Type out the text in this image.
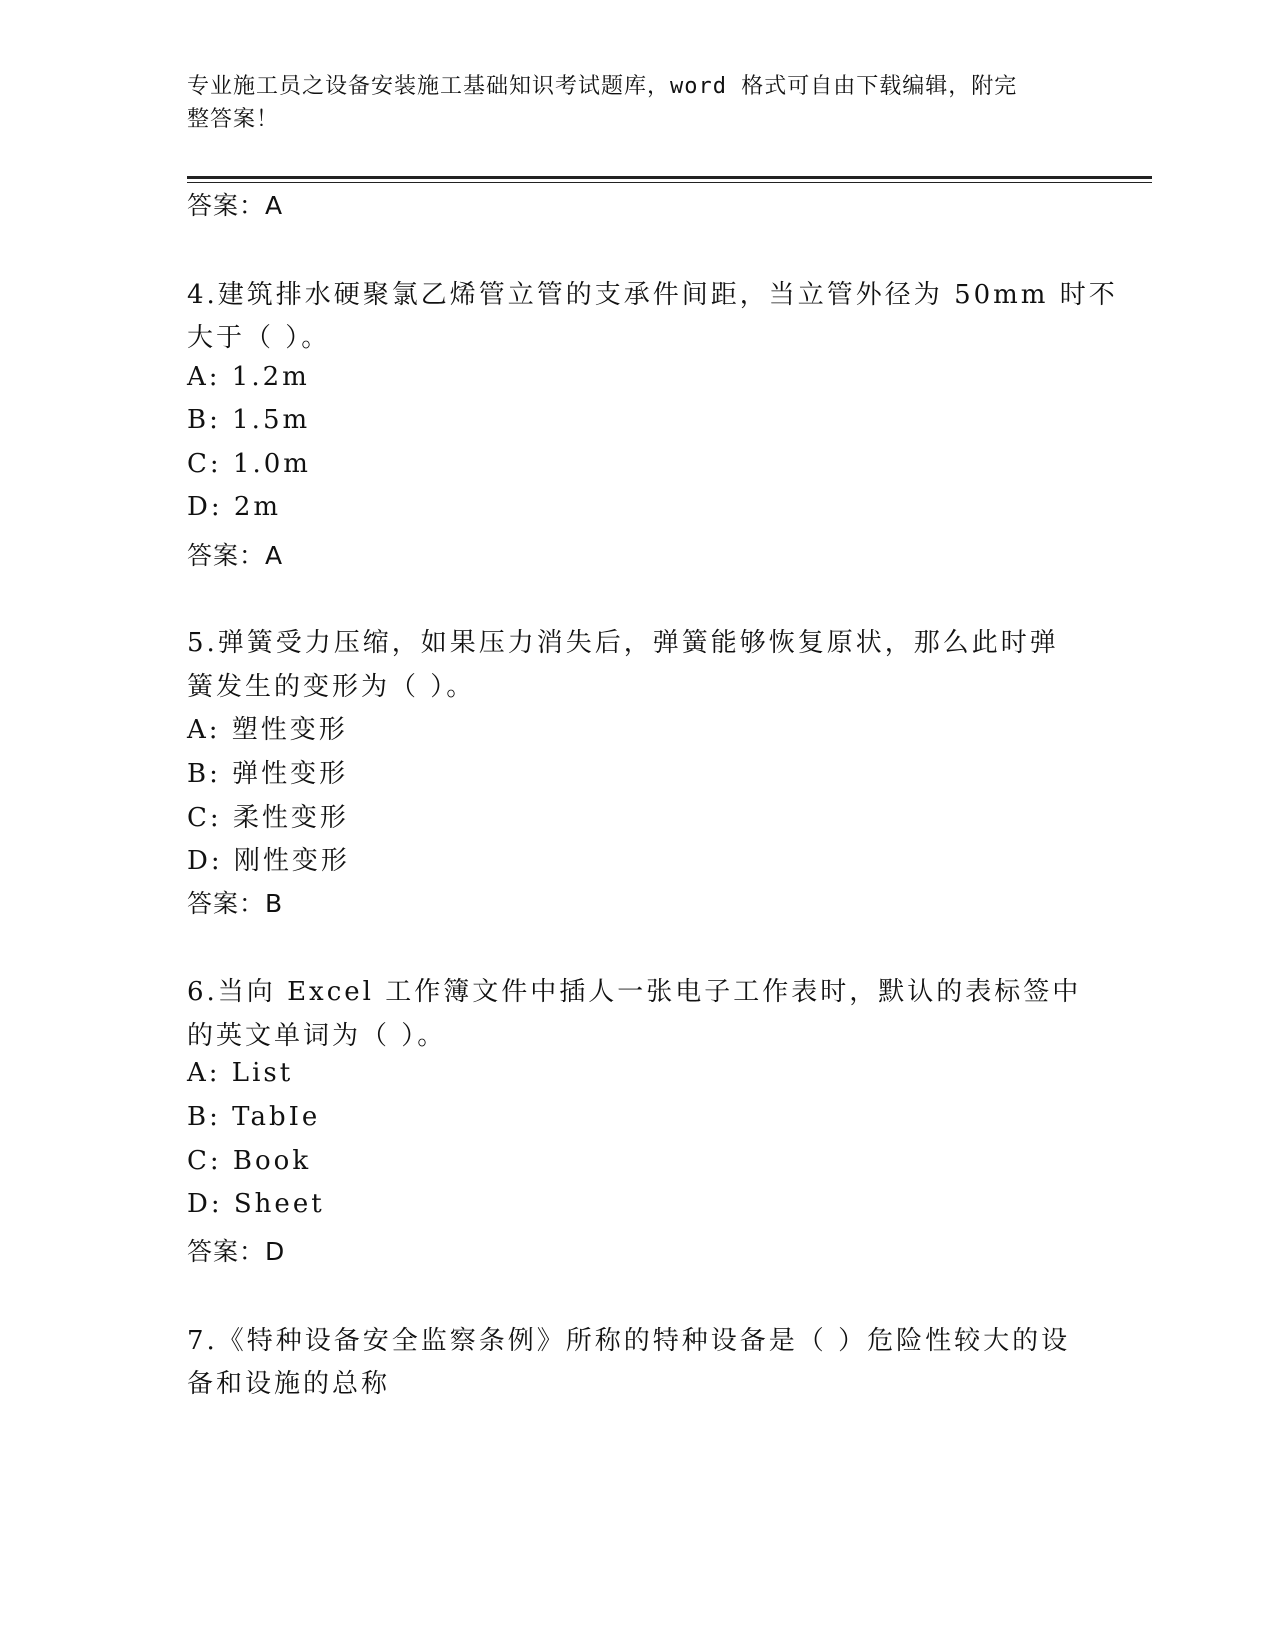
专业施工员之设备安装施工基础知识考试题库，word 格式可自由下载编辑，附完
整答案！
答案：A
4.建筑排水硬聚氯乙烯管立管的支承件间距，当立管外径为 50mm 时不
大于（ ）。
A: 1.2m
B: 1.5m
C: 1.0m
D: 2m
答案：A
5.弹簧受力压缩，如果压力消失后，弹簧能够恢复原状，那么此时弹
簧发生的变形为（ ）。
A: 塑性变形
B: 弹性变形
C: 柔性变形
D: 刚性变形
答案：B
6.当向 Excel 工作簿文件中插人一张电子工作表时，默认的表标签中
的英文单词为（ ）。
A: List
B: TabIe
C: Book
D: Sheet
答案：D
7.《特种设备安全监察条例》所称的特种设备是（ ）危险性较大的设
备和设施的总称
